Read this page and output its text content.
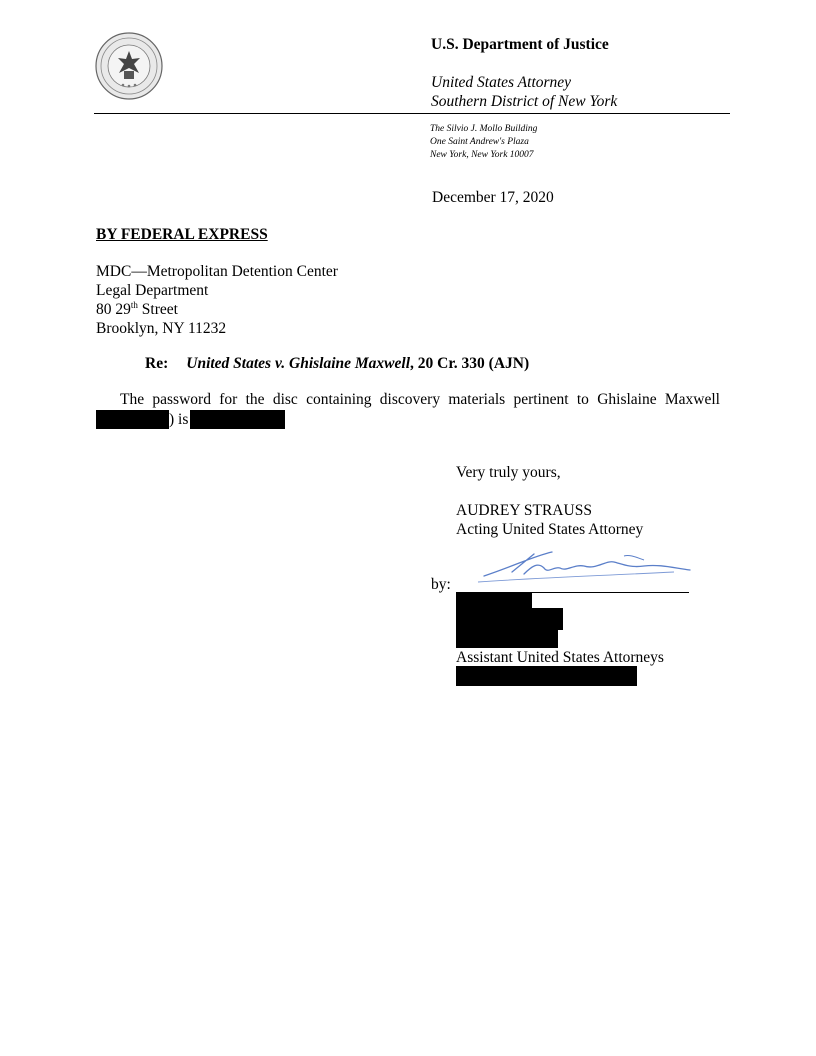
U.S. Department of Justice
United States Attorney
Southern District of New York
The Silvio J. Mollo Building
One Saint Andrew's Plaza
New York, New York 10007
December 17, 2020
BY FEDERAL EXPRESS
MDC—Metropolitan Detention Center
Legal Department
80 29th Street
Brooklyn, NY 11232
Re: United States v. Ghislaine Maxwell, 20 Cr. 330 (AJN)
The password for the disc containing discovery materials pertinent to Ghislaine Maxwell
) is
Very truly yours,
AUDREY STRAUSS
Acting United States Attorney
by:
Assistant United States Attorneys
